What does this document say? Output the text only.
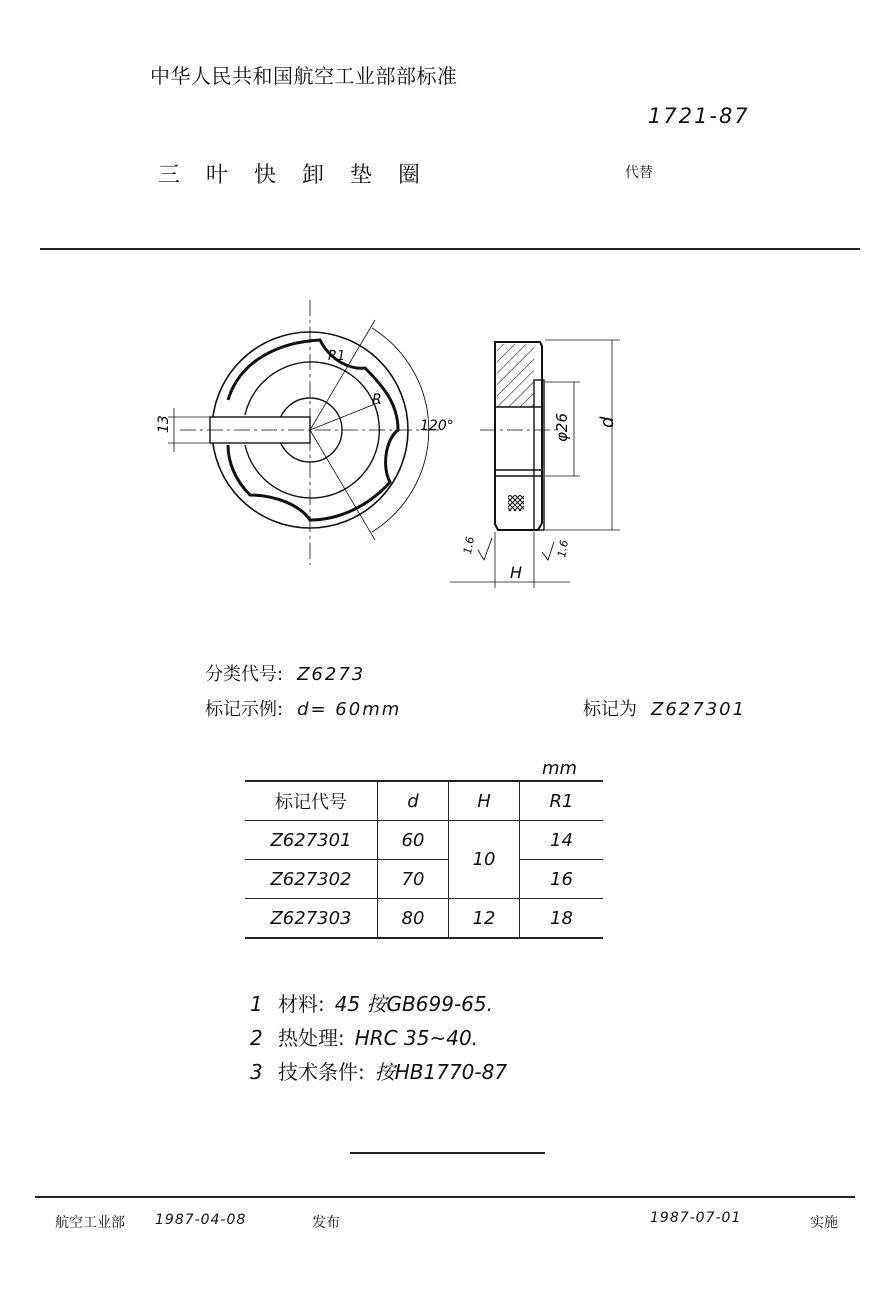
中华人民共和国航空工业部部标准
1721-87
三叶快卸垫圈	代替
13
R1
R
120°	d
φ26
H
1.6	1.6
分类代号: Z6273
标记示例: d= 60mm	标记为 Z627301
mm
标记代号	d	H	R1
Z627301	60	10	14
Z627302	70		16
Z627303	80	12	18
1 材料: 45 按GB699-65.
2 热处理: HRC 35~40.
3 技术条件: 按HB1770-87
航空工业部 1987-04-08	发布	1987-07-01	实施
